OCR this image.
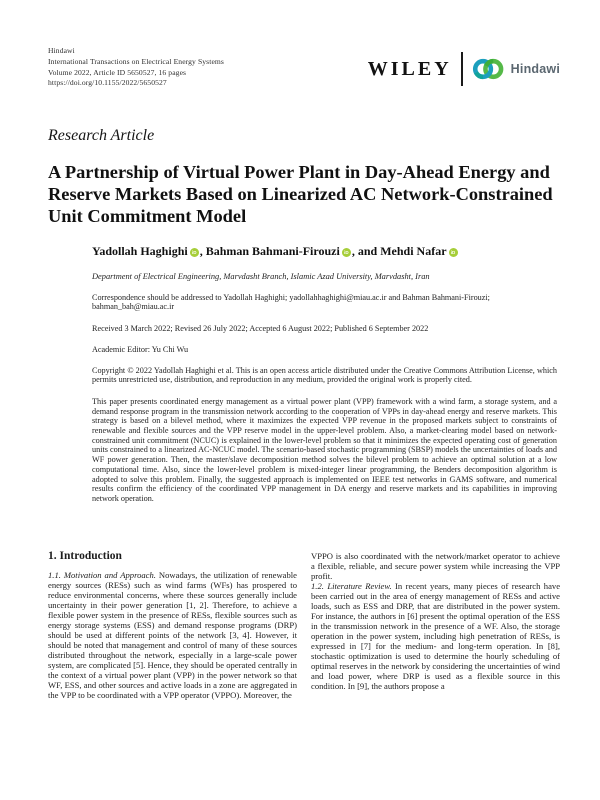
Hindawi
International Transactions on Electrical Energy Systems
Volume 2022, Article ID 5650527, 16 pages
https://doi.org/10.1155/2022/5650527
WILEY	Hindawi
Research Article
A Partnership of Virtual Power Plant in Day-Ahead Energy and Reserve Markets Based on Linearized AC Network-Constrained Unit Commitment Model
Yadollah Haghighi iD , Bahman Bahmani-Firouzi iD , and Mehdi Nafar iD
Department of Electrical Engineering, Marvdasht Branch, Islamic Azad University, Marvdasht, Iran
Correspondence should be addressed to Yadollah Haghighi; yadollahhaghighi@miau.ac.ir and Bahman Bahmani-Firouzi; bahman_bah@miau.ac.ir
Received 3 March 2022; Revised 26 July 2022; Accepted 6 August 2022; Published 6 September 2022
Academic Editor: Yu Chi Wu
Copyright © 2022 Yadollah Haghighi et al. This is an open access article distributed under the Creative Commons Attribution License, which permits unrestricted use, distribution, and reproduction in any medium, provided the original work is properly cited.
This paper presents coordinated energy management as a virtual power plant (VPP) framework with a wind farm, a storage system, and a demand response program in the transmission network according to the cooperation of VPPs in day-ahead energy and reserve markets. This strategy is based on a bilevel method, where it maximizes the expected VPP revenue in the proposed markets subject to constraints of renewable and flexible sources and the VPP reserve model in the upper-level problem. Also, a market-clearing model based on network-constrained unit commitment (NCUC) is explained in the lower-level problem so that it minimizes the expected operating cost of generation units constrained to a linearized AC-NCUC model. The scenario-based stochastic programming (SBSP) models the uncertainties of loads and WF power generation. Then, the master/slave decomposition method solves the bilevel problem to achieve an optimal solution at a low computational time. Also, since the lower-level problem is mixed-integer linear programming, the Benders decomposition algorithm is adopted to solve this problem. Finally, the suggested approach is implemented on IEEE test networks in GAMS software, and numerical results confirm the efficiency of the coordinated VPP management in DA energy and reserve markets and its capabilities in improving network operation.
1. Introduction

1.1. Motivation and Approach. Nowadays, the utilization of renewable energy sources (RESs) such as wind farms (WFs) has prospered to reduce environmental concerns, where these sources generally include uncertainty in their power generation [1, 2]. Therefore, to achieve a flexible power system in the presence of RESs, flexible sources such as energy storage systems (ESS) and demand response programs (DRP) should be used at different points of the network [3, 4]. However, it should be noted that management and control of many of these sources distributed throughout the network, especially in a large-scale power system, are complicated [5]. Hence, they should be operated centrally in the context of a virtual power plant (VPP) in the power network so that WF, ESS, and other sources and active loads in a zone are aggregated in the VPP to be coordinated with a VPP operator (VPPO). Moreover, the

VPPO is also coordinated with the network/market operator to achieve a flexible, reliable, and secure power system while increasing the VPP profit.

1.2. Literature Review. In recent years, many pieces of research have been carried out in the area of energy management of RESs and active loads, such as ESS and DRP, that are distributed in the power system. For instance, the authors in [6] present the optimal operation of the ESS in the transmission network in the presence of a WF. Also, the storage operation in the power system, including high penetration of RESs, is expressed in [7] for the medium- and long-term operation. In [8], stochastic optimization is used to determine the hourly scheduling of optimal reserves in the network by considering the uncertainties of wind and load power, where DRP is used as a flexible source in this condition. In [9], the authors propose a
